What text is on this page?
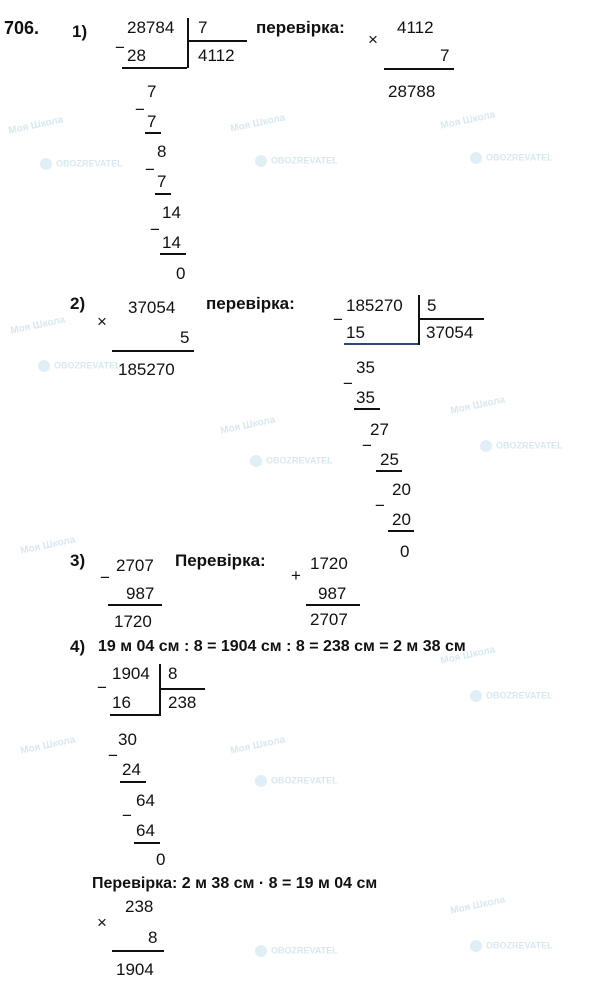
Моя Школа
OBOZREVATEL
Моя Школа
OBOZREVATEL
Моя Школа
OBOZREVATEL
Моя Школа
OBOZREVATEL
Моя Школа
OBOZREVATEL
Моя Школа
OBOZREVATEL
Моя Школа
Моя Школа
OBOZREVATEL
Моя Школа
OBOZREVATEL
Моя Школа
Моя Школа
OBOZREVATEL
OBOZREVATEL
706. 1) 28784 7
− 28	4112
7
−
7
8
−
7
14
−
14
0
перевірка:	4112
×
7
28788
2)	37054
×
5
185270
перевірка:	185270 5
−
15	37054
35
−
35
27
−
25
20
−
20
0
3) 2707
−
987
1720
Перевірка:	1720
+
987
2707
4) 19 м 04 см : 8 = 1904 см : 8 = 238 см = 2 м 38 см
1904 8
−
16 238
30
−
24
64
−
64
0
Перевірка: 2 м 38 см · 8 = 19 м 04 см
238
×
8
1904
